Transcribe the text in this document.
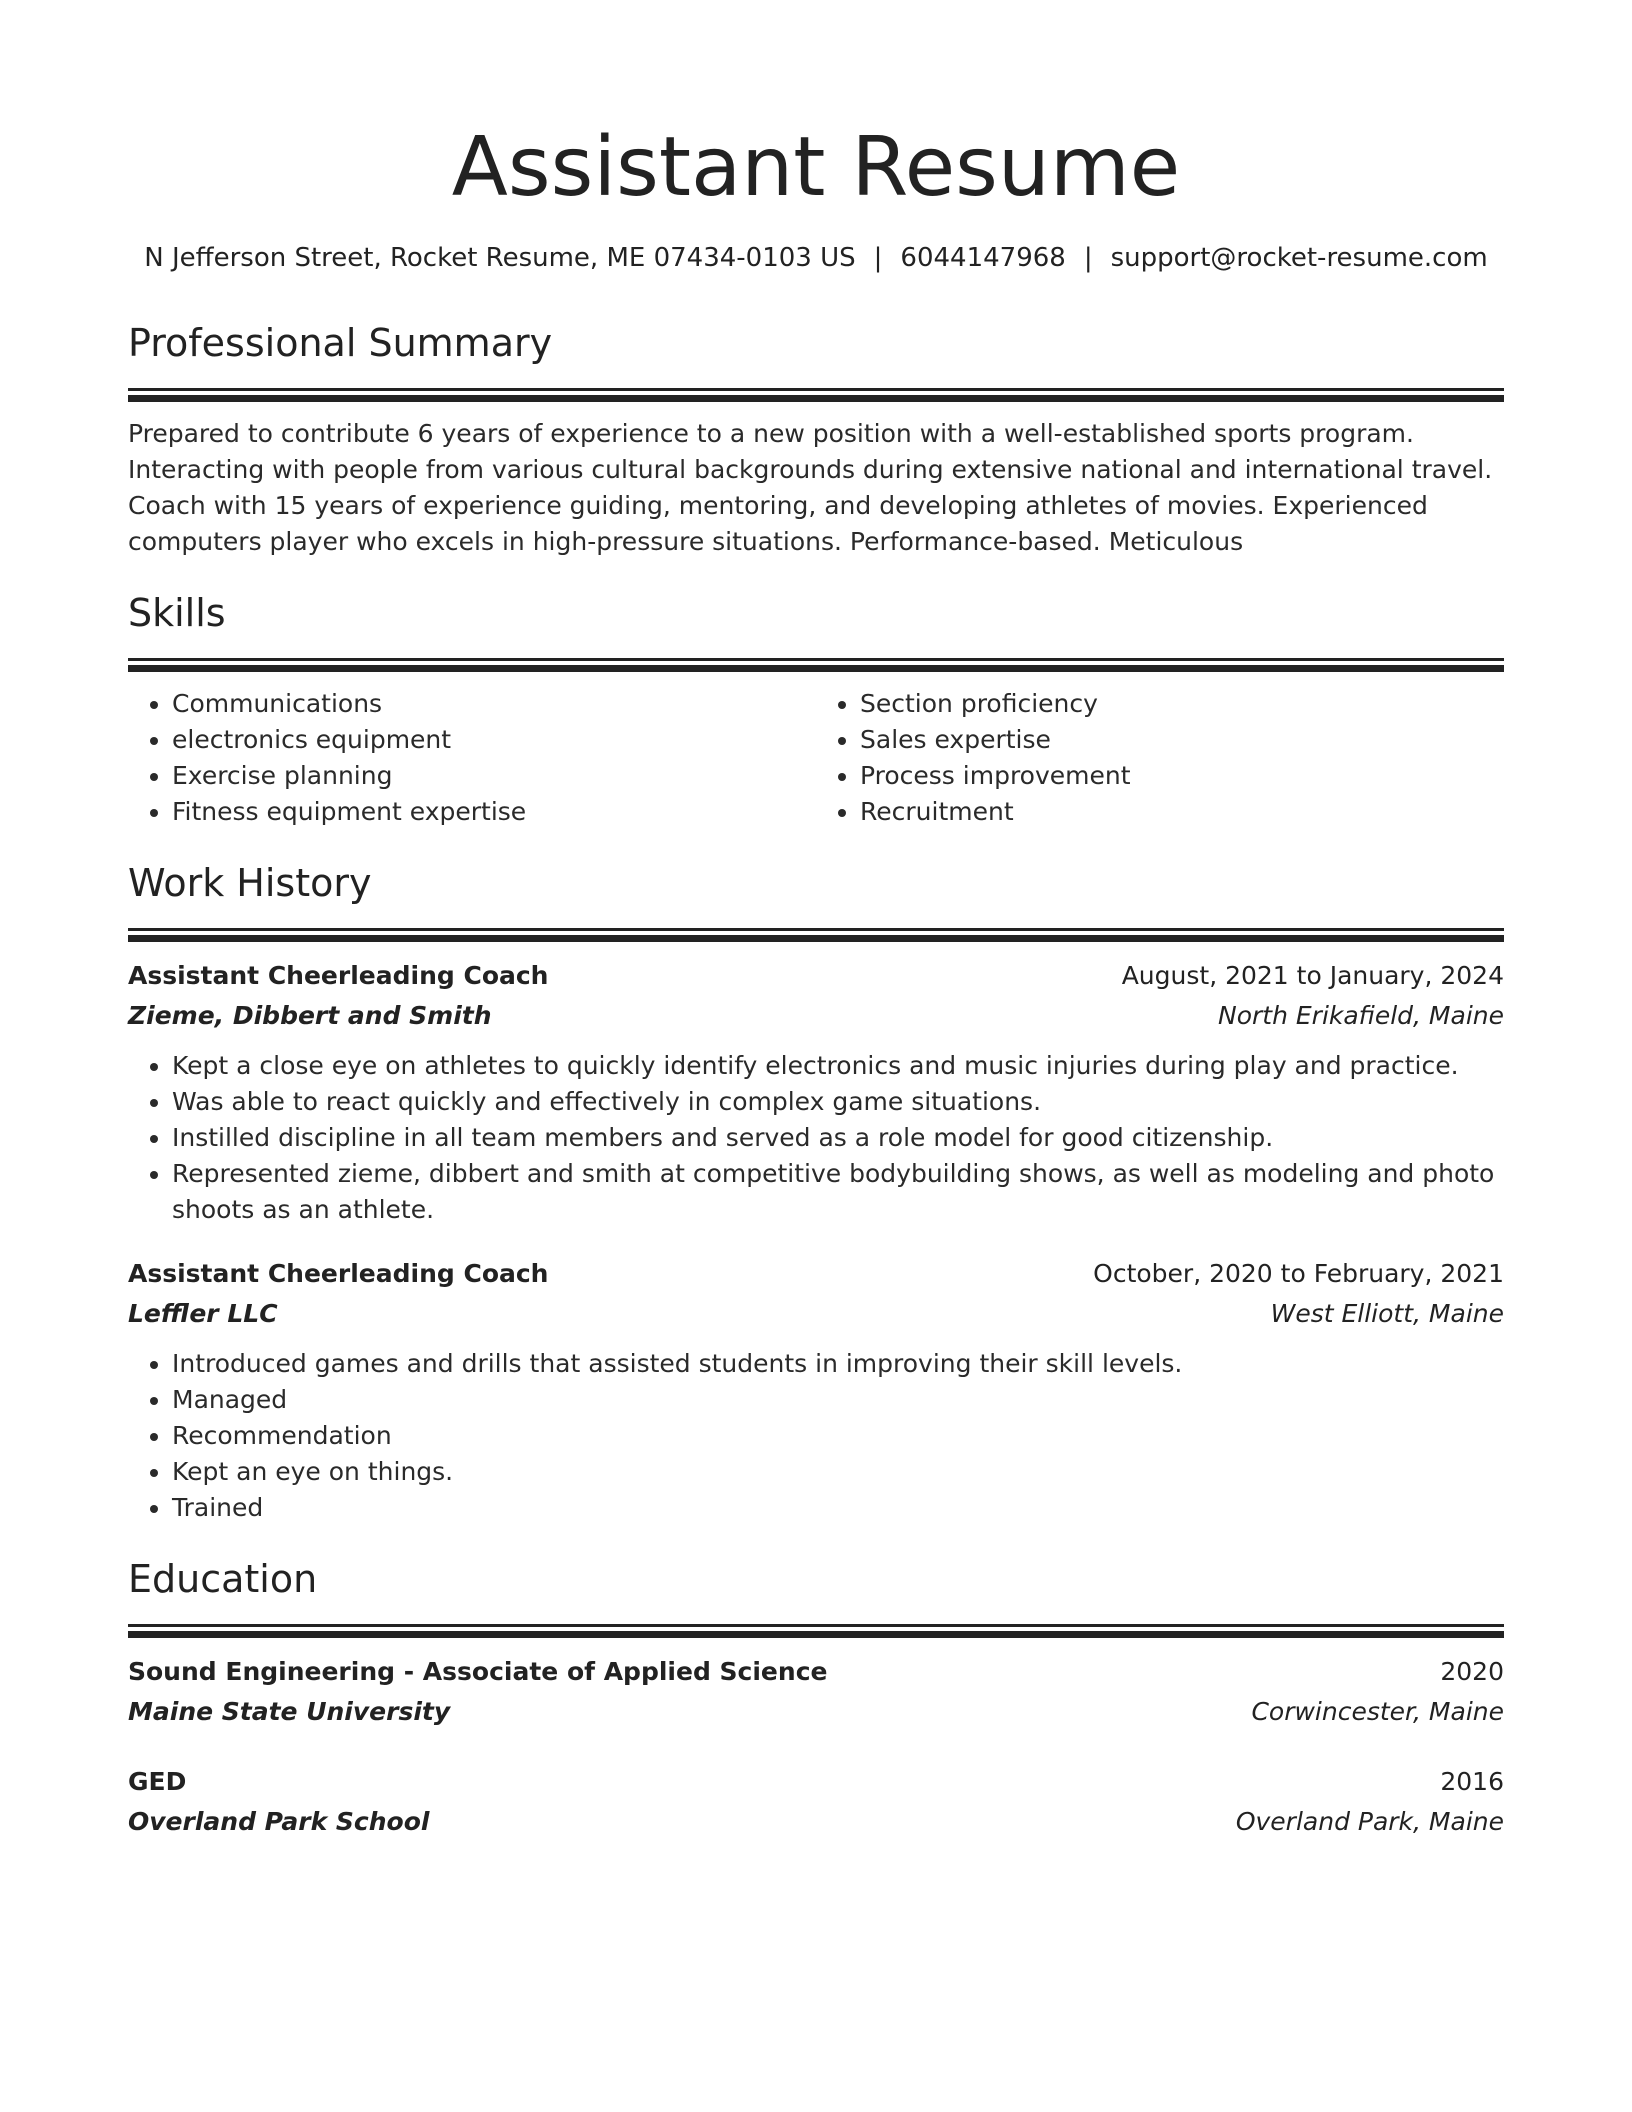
Assistant Resume
N Jefferson Street, Rocket Resume, ME 07434-0103 US | 6044147968 | support@rocket-resume.com
Professional Summary
Prepared to contribute 6 years of experience to a new position with a well-established sports program. Interacting with people from various cultural backgrounds during extensive national and international travel. Coach with 15 years of experience guiding, mentoring, and developing athletes of movies. Experienced computers player who excels in high-pressure situations. Performance-based. Meticulous
Skills
• Communications
• electronics equipment
• Exercise planning
• Fitness equipment expertise
• Section proficiency
• Sales expertise
• Process improvement
• Recruitment
Work History
Assistant Cheerleading Coach	August, 2021 to January, 2024
Zieme, Dibbert and Smith	North Erikafield, Maine
• Kept a close eye on athletes to quickly identify electronics and music injuries during play and practice.
• Was able to react quickly and effectively in complex game situations.
• Instilled discipline in all team members and served as a role model for good citizenship.
• Represented zieme, dibbert and smith at competitive bodybuilding shows, as well as modeling and photo shoots as an athlete.
Assistant Cheerleading Coach	October, 2020 to February, 2021
Leffler LLC	West Elliott, Maine
• Introduced games and drills that assisted students in improving their skill levels.
• Managed
• Recommendation
• Kept an eye on things.
• Trained
Education
Sound Engineering - Associate of Applied Science	2020
Maine State University	Corwincester, Maine
GED	2016
Overland Park School	Overland Park, Maine
